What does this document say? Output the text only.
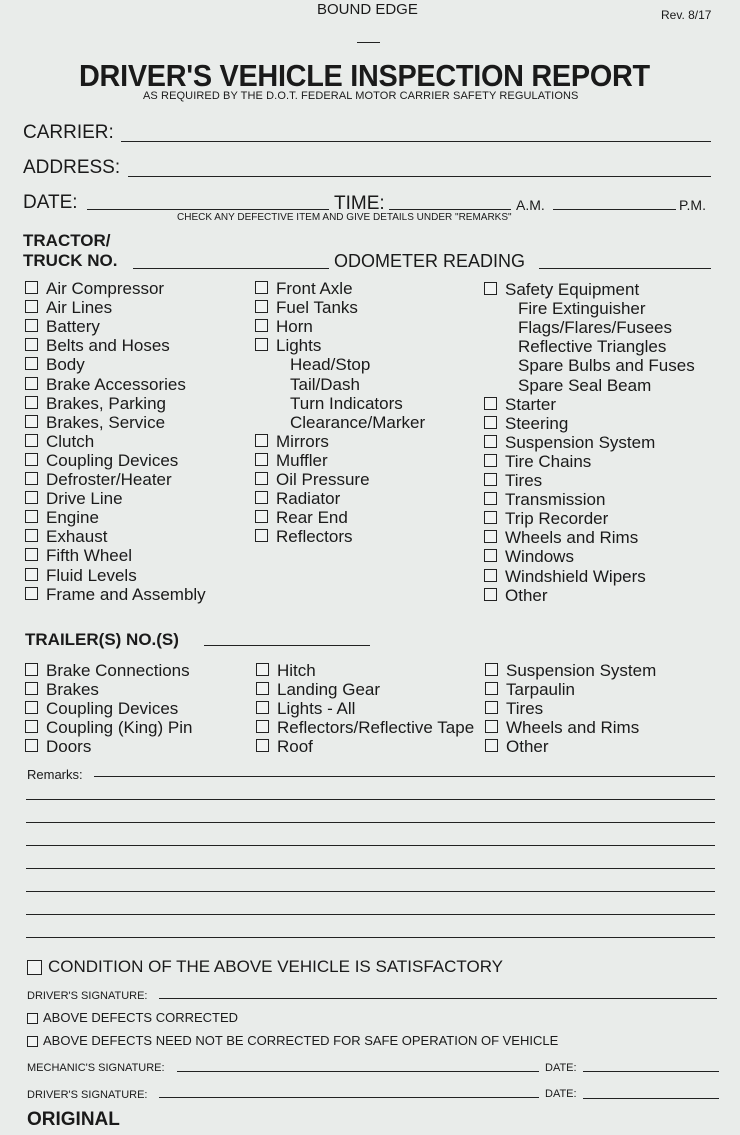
BOUND EDGE	Rev. 8/17
DRIVER'S VEHICLE INSPECTION REPORT
AS REQUIRED BY THE D.O.T. FEDERAL MOTOR CARRIER SAFETY REGULATIONS
CARRIER:
ADDRESS:
DATE:	TIME:	A.M.	P.M.
CHECK ANY DEFECTIVE ITEM AND GIVE DETAILS UNDER "REMARKS"
TRACTOR/
TRUCK NO.	ODOMETER READING
Air Compressor
Air Lines
Battery
Belts and Hoses
Body
Brake Accessories
Brakes, Parking
Brakes, Service
Clutch
Coupling Devices
Defroster/Heater
Drive Line
Engine
Exhaust
Fifth Wheel
Fluid Levels
Frame and Assembly
Front Axle
Fuel Tanks
Horn
Lights
Head/Stop
Tail/Dash
Turn Indicators
Clearance/Marker
Mirrors
Muffler
Oil Pressure
Radiator
Rear End
Reflectors
Safety Equipment
Fire Extinguisher
Flags/Flares/Fusees
Reflective Triangles
Spare Bulbs and Fuses
Spare Seal Beam
Starter
Steering
Suspension System
Tire Chains
Tires
Transmission
Trip Recorder
Wheels and Rims
Windows
Windshield Wipers
Other
TRAILER(S) NO.(S)
Brake Connections
Brakes
Coupling Devices
Coupling (King) Pin
Doors
Hitch
Landing Gear
Lights - All
Reflectors/Reflective Tape
Roof
Suspension System
Tarpaulin
Tires
Wheels and Rims
Other
Remarks:
CONDITION OF THE ABOVE VEHICLE IS SATISFACTORY
DRIVER'S SIGNATURE:
ABOVE DEFECTS CORRECTED
ABOVE DEFECTS NEED NOT BE CORRECTED FOR SAFE OPERATION OF VEHICLE
MECHANIC'S SIGNATURE:	DATE:
DRIVER'S SIGNATURE:	DATE:
ORIGINAL
